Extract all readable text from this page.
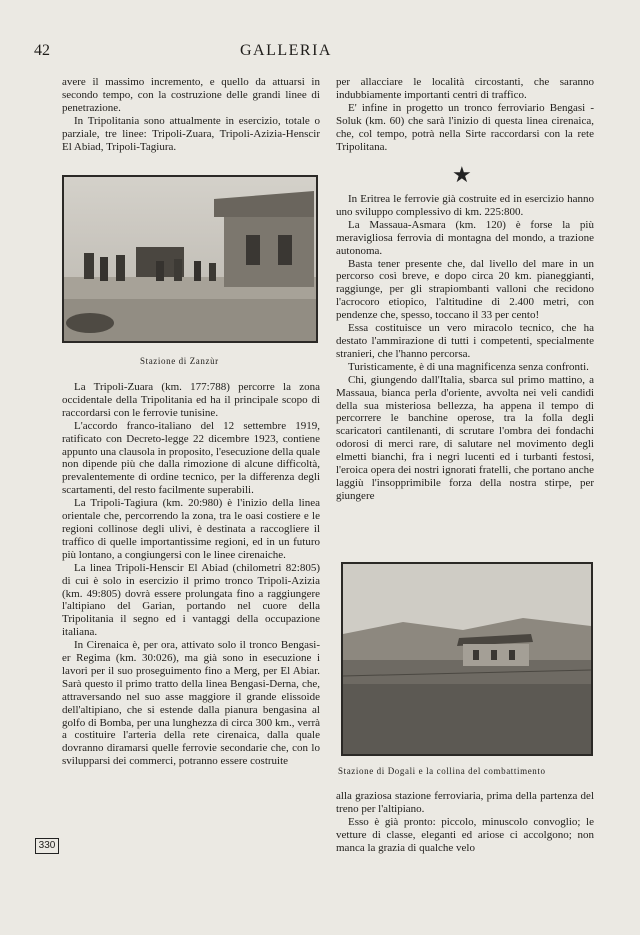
42	GALLERIA

avere il massimo incremento, e quello da attuarsi in secondo tempo, con la costruzione delle grandi linee di penetrazione.

In Tripolitania sono attualmente in esercizio, totale o parziale, tre linee: Tripoli-Zuara, Tripoli-Azizia-Henscir El Abiad, Tripoli-Tagiura.

Stazione di Zanzùr

La Tripoli-Zuara (km. 177:788) percorre la zona occidentale della Tripolitania ed ha il principale scopo di raccordarsi con le ferrovie tunisine.

L'accordo franco-italiano del 12 settembre 1919, ratificato con Decreto-legge 22 dicembre 1923, contiene appunto una clausola in proposito, l'esecuzione della quale non dipende più che dalla rimozione di alcune difficoltà, prevalentemente di ordine tecnico, per la differenza degli scartamenti, del resto facilmente superabili.

La Tripoli-Tagiura (km. 20:980) è l'inizio della linea orientale che, percorrendo la zona, tra le oasi costiere e le regioni collinose degli ulivi, è destinata a raccogliere il traffico di quelle importantissime regioni, ed in un futuro più lontano, a congiungersi con le linee cirenaiche.

La linea Tripoli-Henscir El Abiad (chilometri 82:805) di cui è solo in esercizio il primo tronco Tripoli-Azizia (km. 49:805) dovrà essere prolungata fino a raggiungere l'altipiano del Garian, portando nel cuore della Tripolitania il segno ed i vantaggi della occupazione italiana.

In Cirenaica è, per ora, attivato solo il tronco Bengasi-er Regima (km. 30:026), ma già sono in esecuzione i lavori per il suo proseguimento fino a Merg, per El Abiar. Sarà questo il primo tratto della linea Bengasi-Derna, che, attraversando nel suo asse maggiore il grande elissoide dell'altipiano, che si estende dalla pianura bengasina al golfo di Bomba, per una lunghezza di circa 300 km., verrà a costituire l'arteria della rete cirenaica, dalla quale dovranno diramarsi quelle ferrovie secondarie che, con lo svilupparsi dei commerci, potranno essere costruite

per allacciare le località circostanti, che saranno indubbiamente importanti centri di traffico.

E' infine in progetto un tronco ferroviario Bengasi - Soluk (km. 60) che sarà l'inizio di questa linea cirenaica, che, col tempo, potrà nella Sirte raccordarsi con la rete Tripolitana.

★

In Eritrea le ferrovie già costruite ed in esercizio hanno uno sviluppo complessivo di km. 225:800.

La Massaua-Asmara (km. 120) è forse la più meravigliosa ferrovia di montagna del mondo, a trazione autonoma.

Basta tener presente che, dal livello del mare in un percorso così breve, e dopo circa 20 km. pianeggianti, raggiunge, per gli strapiombanti valloni che recidono l'acrocoro etiopico, l'altitudine di 2.400 metri, con pendenze che, spesso, toccano il 33 per cento!

Essa costituisce un vero miracolo tecnico, che ha destato l'ammirazione di tutti i competenti, specialmente stranieri, che l'hanno percorsa.

Turisticamente, è di una magnificenza senza confronti.

Chi, giungendo dall'Italia, sbarca sul primo mattino, a Massaua, bianca perla d'oriente, avvolta nei veli candidi della sua misteriosa bellezza, ha appena il tempo di percorrere le banchine operose, tra la folla degli scaricatori cantilenanti, di scrutare l'ombra dei fondachi odorosi di merci rare, di salutare nel movimento degli elmetti bianchi, fra i negri lucenti ed i turbanti festosi, l'eroica opera dei nostri ignorati fratelli, che portano anche laggiù l'insopprimibile forza della nostra stirpe, per giungere

Stazione di Dogali e la collina del combattimento

alla graziosa stazione ferroviaria, prima della partenza del treno per l'altipiano.

Esso è già pronto: piccolo, minuscolo convoglio; le vetture di classe, eleganti ed ariose ci accolgono; non manca la grazia di qualche velo

330
